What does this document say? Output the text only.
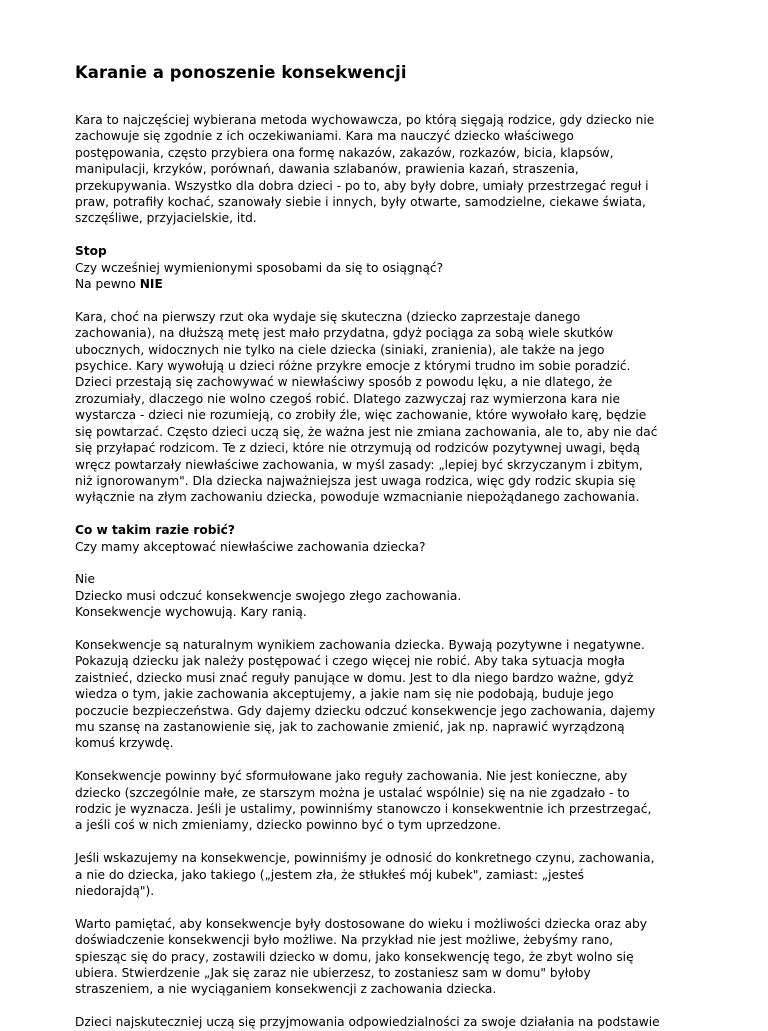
Karanie a ponoszenie konsekwencji

Kara to najczęściej wybierana metoda wychowawcza, po którą sięgają rodzice, gdy dziecko nie
zachowuje się zgodnie z ich oczekiwaniami. Kara ma nauczyć dziecko właściwego
postępowania, często przybiera ona formę nakazów, zakazów, rozkazów, bicia, klapsów,
manipulacji, krzyków, porównań, dawania szlabanów, prawienia kazań, straszenia,
przekupywania. Wszystko dla dobra dzieci - po to, aby były dobre, umiały przestrzegać reguł i
praw, potrafiły kochać, szanowały siebie i innych, były otwarte, samodzielne, ciekawe świata,
szczęśliwe, przyjacielskie, itd.

Stop
Czy wcześniej wymienionymi sposobami da się to osiągnąć?
Na pewno NIE

Kara, choć na pierwszy rzut oka wydaje się skuteczna (dziecko zaprzestaje danego
zachowania), na dłuższą metę jest mało przydatna, gdyż pociąga za sobą wiele skutków
ubocznych, widocznych nie tylko na ciele dziecka (siniaki, zranienia), ale także na jego
psychice. Kary wywołują u dzieci różne przykre emocje z którymi trudno im sobie poradzić.
Dzieci przestają się zachowywać w niewłaściwy sposób z powodu lęku, a nie dlatego, że
zrozumiały, dlaczego nie wolno czegoś robić. Dlatego zazwyczaj raz wymierzona kara nie
wystarcza - dzieci nie rozumieją, co zrobiły źle, więc zachowanie, które wywołało karę, będzie
się powtarzać. Często dzieci uczą się, że ważna jest nie zmiana zachowania, ale to, aby nie dać
się przyłapać rodzicom. Te z dzieci, które nie otrzymują od rodziców pozytywnej uwagi, będą
wręcz powtarzały niewłaściwe zachowania, w myśl zasady: „lepiej być skrzyczanym i zbitym,
niż ignorowanym". Dla dziecka najważniejsza jest uwaga rodzica, więc gdy rodzic skupia się
wyłącznie na złym zachowaniu dziecka, powoduje wzmacnianie niepożądanego zachowania.

Co w takim razie robić?
Czy mamy akceptować niewłaściwe zachowania dziecka?

Nie
Dziecko musi odczuć konsekwencje swojego złego zachowania.
Konsekwencje wychowują. Kary ranią.

Konsekwencje są naturalnym wynikiem zachowania dziecka. Bywają pozytywne i negatywne.
Pokazują dziecku jak należy postępować i czego więcej nie robić. Aby taka sytuacja mogła
zaistnieć, dziecko musi znać reguły panujące w domu. Jest to dla niego bardzo ważne, gdyż
wiedza o tym, jakie zachowania akceptujemy, a jakie nam się nie podobają, buduje jego
poczucie bezpieczeństwa. Gdy dajemy dziecku odczuć konsekwencje jego zachowania, dajemy
mu szansę na zastanowienie się, jak to zachowanie zmienić, jak np. naprawić wyrządzoną
komuś krzywdę.

Konsekwencje powinny być sformułowane jako reguły zachowania. Nie jest konieczne, aby
dziecko (szczególnie małe, ze starszym można je ustalać wspólnie) się na nie zgadzało - to
rodzic je wyznacza. Jeśli je ustalimy, powinniśmy stanowczo i konsekwentnie ich przestrzegać,
a jeśli coś w nich zmieniamy, dziecko powinno być o tym uprzedzone.

Jeśli wskazujemy na konsekwencje, powinniśmy je odnosić do konkretnego czynu, zachowania,
a nie do dziecka, jako takiego („jestem zła, że stłukłeś mój kubek", zamiast: „jesteś
niedorajdą").

Warto pamiętać, aby konsekwencje były dostosowane do wieku i możliwości dziecka oraz aby
doświadczenie konsekwencji było możliwe. Na przykład nie jest możliwe, żebyśmy rano,
spiesząc się do pracy, zostawili dziecko w domu, jako konsekwencję tego, że zbyt wolno się
ubiera. Stwierdzenie „Jak się zaraz nie ubierzesz, to zostaniesz sam w domu" byłoby
straszeniem, a nie wyciąganiem konsekwencji z zachowania dziecka.

Dzieci najskuteczniej uczą się przyjmowania odpowiedzialności za swoje działania na podstawie
